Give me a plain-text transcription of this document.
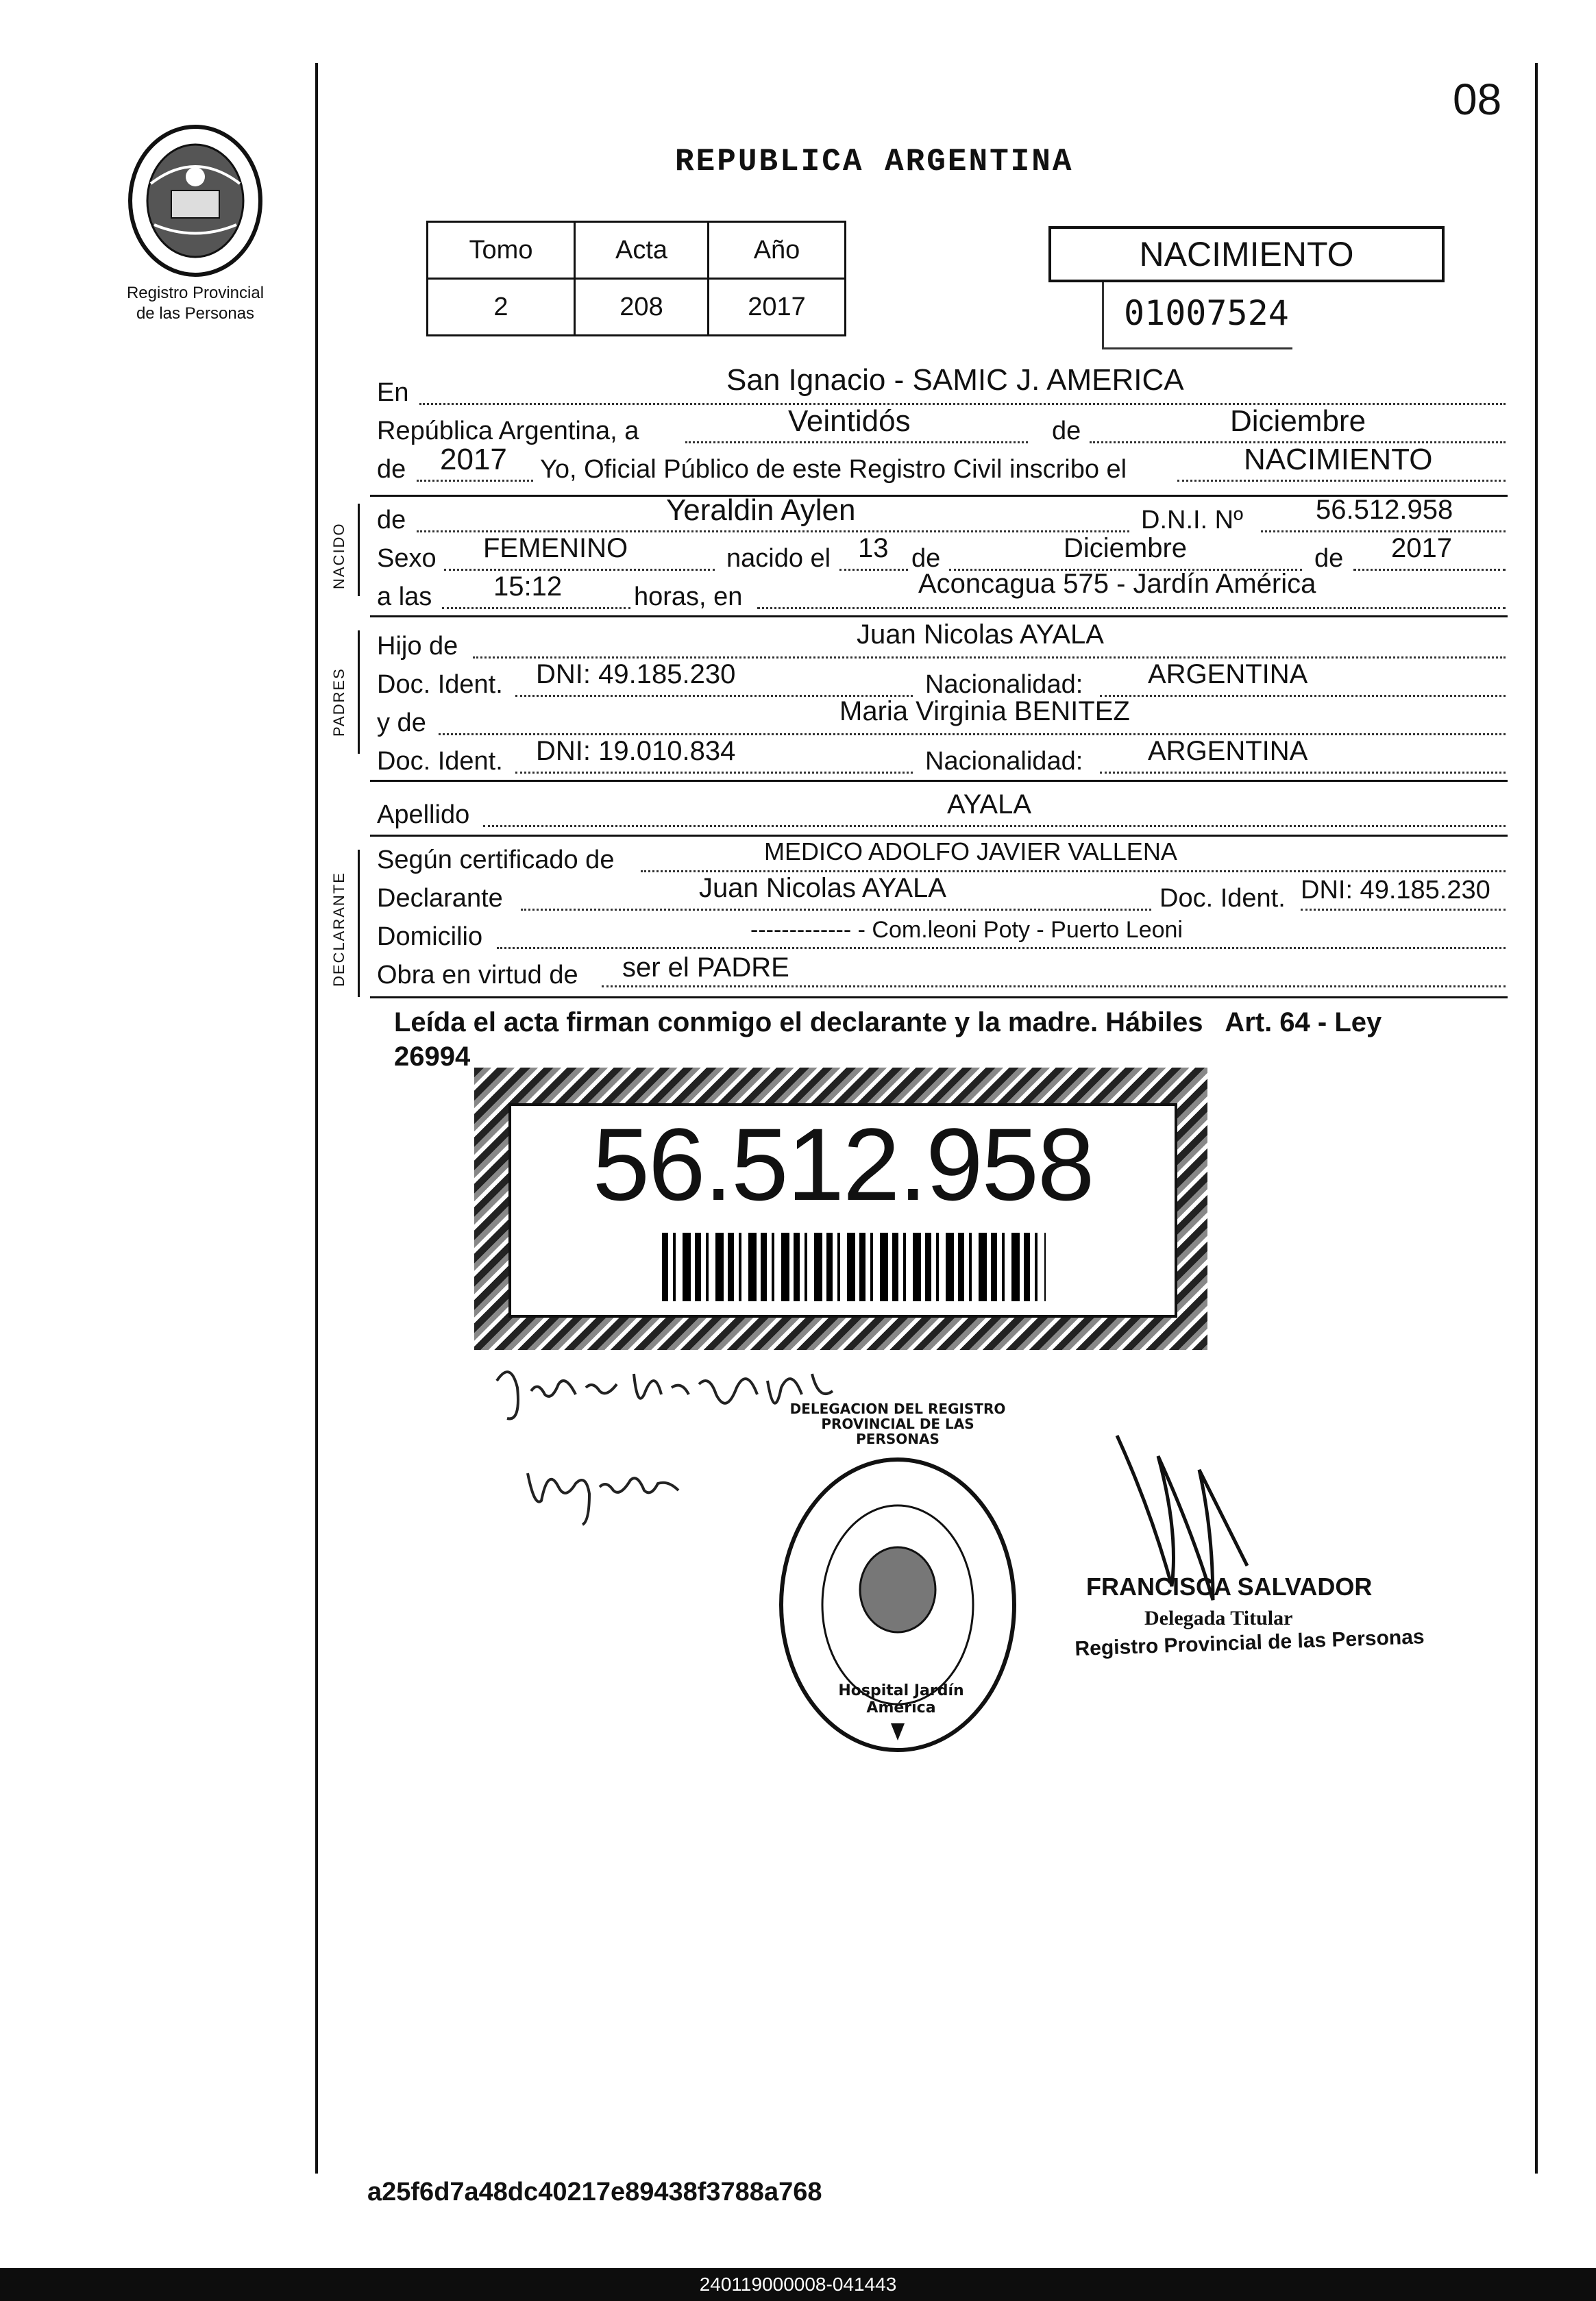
08
Registro Provincial
de las Personas
REPUBLICA ARGENTINA
Tomo	Acta	Año
2	208	2017
NACIMIENTO
01007524
En	San Ignacio - SAMIC J. AMERICA
República Argentina, a	Veintidós	de	Diciembre
de 2017 Yo, Oficial Público de este Registro Civil inscribo el	NACIMIENTO
NACIDO
de	Yeraldin Aylen	D.N.I. Nº	56.512.958
Sexo FEMENINO	nacido el 13 de	Diciembre	de 2017
a las 15:12	horas, en	Aconcagua 575 - Jardín América
PADRES
Hijo de	Juan Nicolas AYALA
Doc. Ident. DNI: 49.185.230	Nacionalidad: ARGENTINA
y de	Maria Virginia BENITEZ
Doc. Ident. DNI: 19.010.834	Nacionalidad: ARGENTINA
Apellido	AYALA
DECLARANTE
Según certificado de	MEDICO ADOLFO JAVIER VALLENA
Declarante	Juan Nicolas AYALA	Doc. Ident. DNI: 49.185.230
Domicilio	------------- - Com.leoni Poty - Puerto Leoni
Obra en virtud de ser el PADRE
Leída el acta firman conmigo el declarante y la madre. Hábiles   Art. 64 - Ley
26994
56.512.958
DELEGACION DEL REGISTRO PROVINCIAL DE LAS PERSONAS
Hospital Jardín América
FRANCISCA SALVADOR
Delegada Titular
Registro Provincial de las Personas
a25f6d7a48dc40217e89438f3788a768
240119000008-041443
